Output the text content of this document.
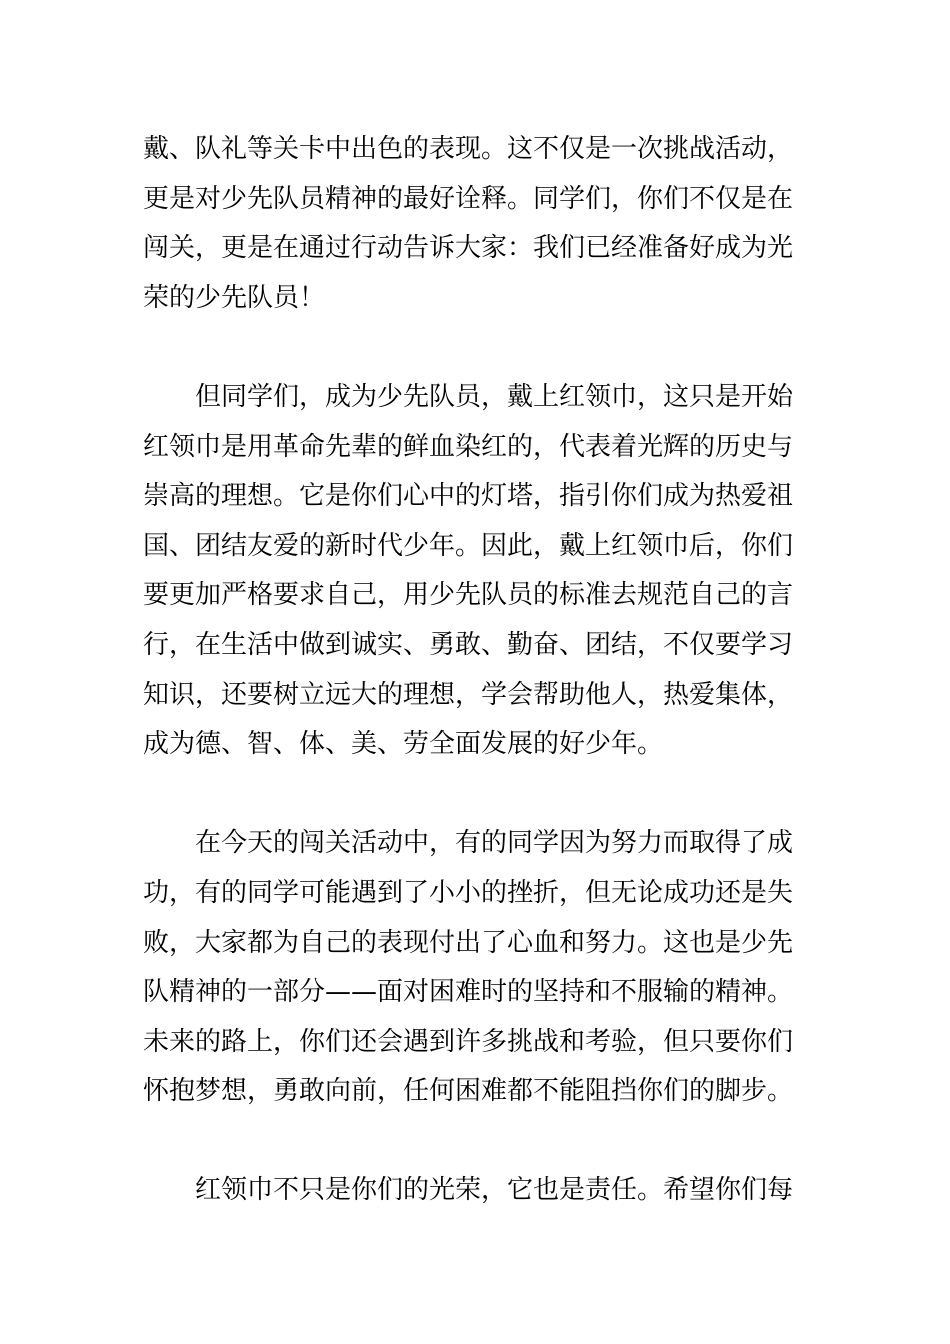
戴、队礼等关卡中出色的表现。这不仅是一次挑战活动，
更是对少先队员精神的最好诠释。同学们，你们不仅是在
闯关，更是在通过行动告诉大家：我们已经准备好成为光
荣的少先队员！
　　但同学们，成为少先队员，戴上红领巾，这只是开始
红领巾是用革命先辈的鲜血染红的，代表着光辉的历史与
崇高的理想。它是你们心中的灯塔，指引你们成为热爱祖
国、团结友爱的新时代少年。因此，戴上红领巾后，你们
要更加严格要求自己，用少先队员的标准去规范自己的言
行，在生活中做到诚实、勇敢、勤奋、团结，不仅要学习
知识，还要树立远大的理想，学会帮助他人，热爱集体，
成为德、智、体、美、劳全面发展的好少年。
　　在今天的闯关活动中，有的同学因为努力而取得了成
功，有的同学可能遇到了小小的挫折，但无论成功还是失
败，大家都为自己的表现付出了心血和努力。这也是少先
队精神的一部分——面对困难时的坚持和不服输的精神。
未来的路上，你们还会遇到许多挑战和考验，但只要你们
怀抱梦想，勇敢向前，任何困难都不能阻挡你们的脚步。
　　红领巾不只是你们的光荣，它也是责任。希望你们每
